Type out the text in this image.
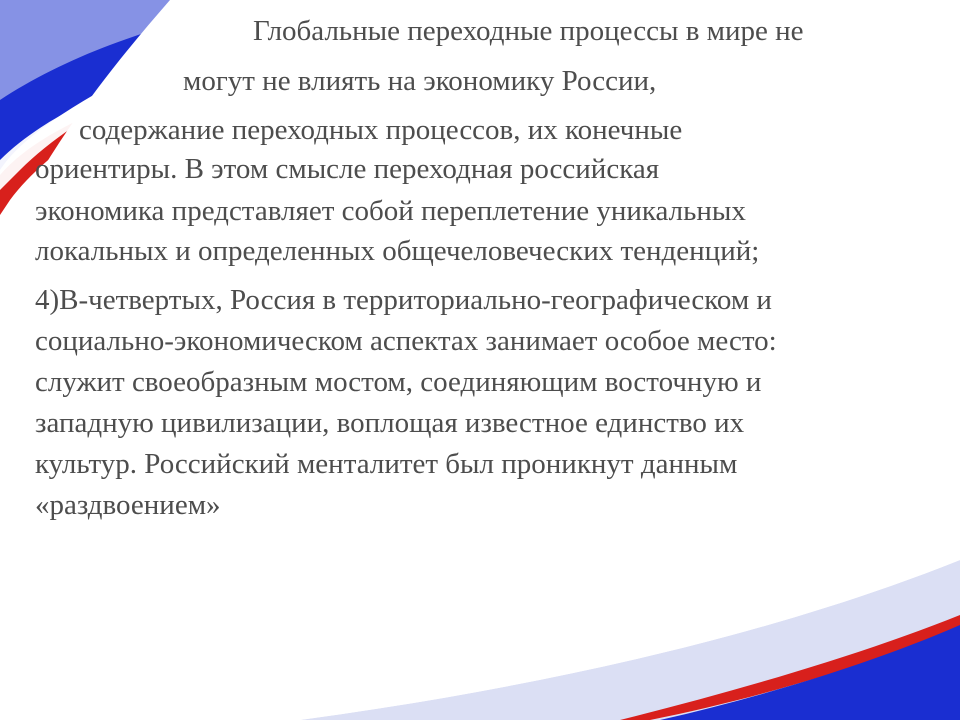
Глобальные переходные процессы в мире не
могут не влиять на экономику России,
содержание переходных процессов, их конечные
ориентиры. В этом смысле переходная российская
экономика представляет собой переплетение уникальных
локальных и определенных общечеловеческих тенденций;
4)В-четвертых, Россия в территориально-географическом и
социально-экономическом аспектах занимает особое место:
служит своеобразным мостом, соединяющим восточную и
западную цивилизации, воплощая известное единство их
культур. Российский менталитет был проникнут данным
«раздвоением»
